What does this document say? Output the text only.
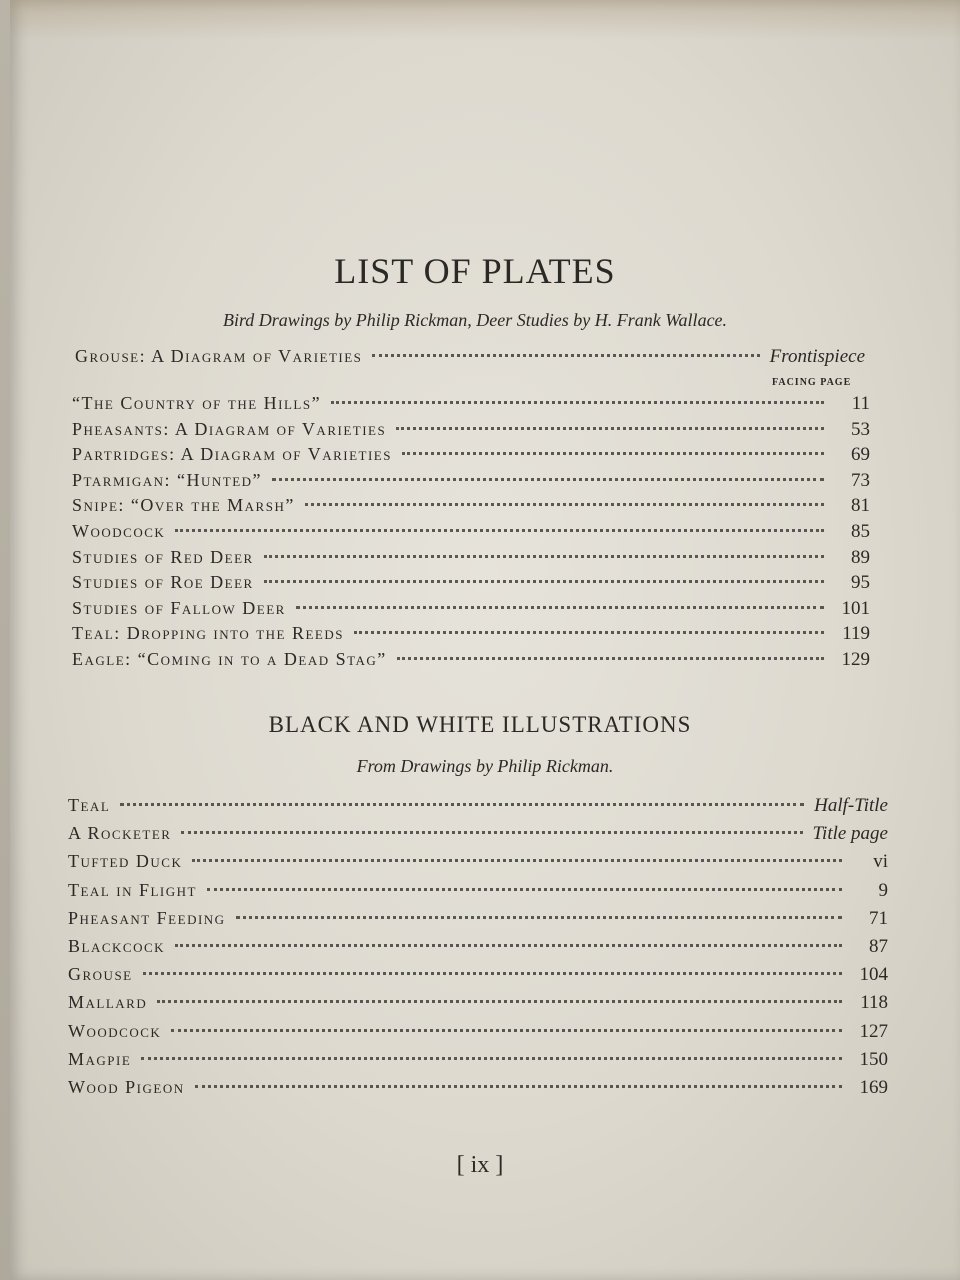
LIST OF PLATES
Bird Drawings by Philip Rickman, Deer Studies by H. Frank Wallace.
Grouse: A Diagram of Varieties	Frontispiece
FACING PAGE
“The Country of the Hills”	11
Pheasants: A Diagram of Varieties	53
Partridges: A Diagram of Varieties	69
Ptarmigan: “Hunted”	73
Snipe: “Over the Marsh”	81
Woodcock	85
Studies of Red Deer	89
Studies of Roe Deer	95
Studies of Fallow Deer	101
Teal: Dropping into the Reeds	119
Eagle: “Coming in to a Dead Stag”	129
BLACK AND WHITE ILLUSTRATIONS
From Drawings by Philip Rickman.
Teal	Half-Title
A Rocketer	Title page
Tufted Duck	vi
Teal in Flight	9
Pheasant Feeding	71
Blackcock	87
Grouse	104
Mallard	118
Woodcock	127
Magpie	150
Wood Pigeon	169
[ ix ]
